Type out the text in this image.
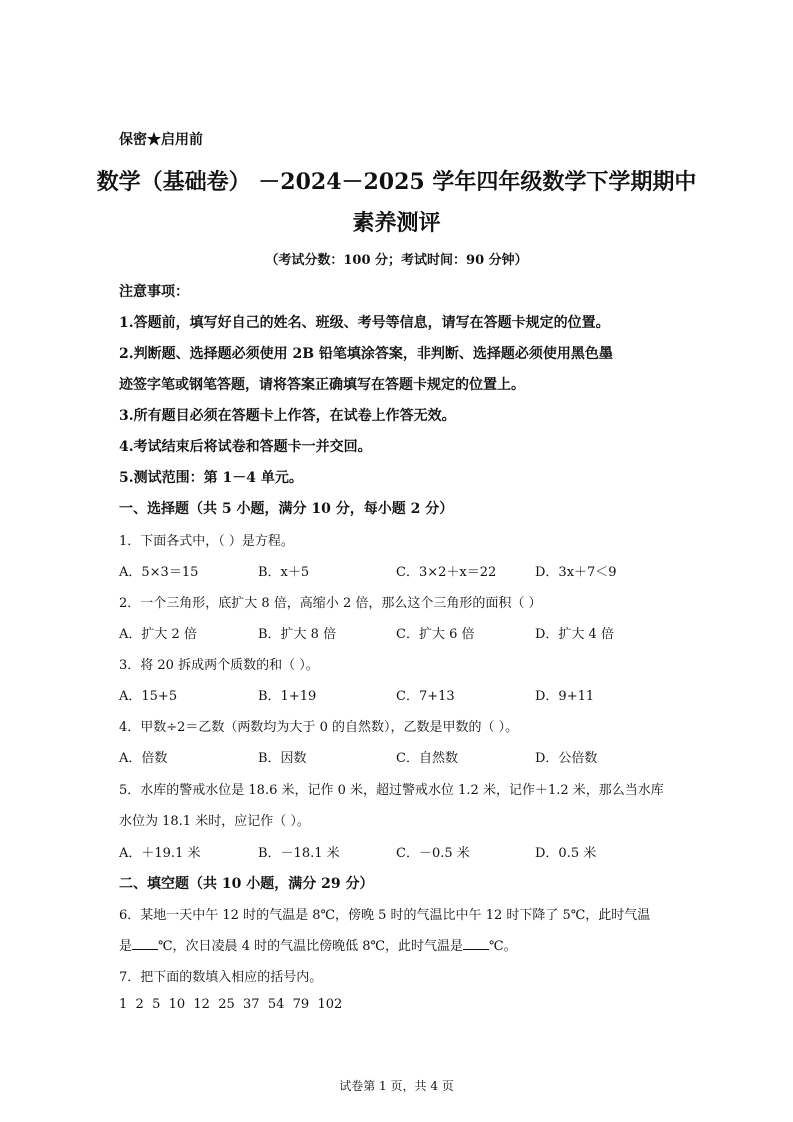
保密★启用前
数学（基础卷） －2024－2025 学年四年级数学下学期期中
素养测评
（考试分数：100 分；考试时间：90 分钟）
注意事项：
1.答题前，填写好自己的姓名、班级、考号等信息，请写在答题卡规定的位置。
2.判断题、选择题必须使用 2B 铅笔填涂答案，非判断、选择题必须使用黑色墨
迹签字笔或钢笔答题，请将答案正确填写在答题卡规定的位置上。
3.所有题目必须在答题卡上作答，在试卷上作答无效。
4.考试结束后将试卷和答题卡一并交回。
5.测试范围：第 1－4 单元。
一、选择题（共 5 小题，满分 10 分，每小题 2 分）
1．下面各式中，（ ）是方程。
A．5×3＝15	B．x＋5	C．3×2＋x＝22	D．3x＋7＜9
2．一个三角形，底扩大 8 倍，高缩小 2 倍，那么这个三角形的面积（ ）
A．扩大 2 倍	B．扩大 8 倍	C．扩大 6 倍	D．扩大 4 倍
3．将 20 拆成两个质数的和（ ）。
A．15+5	B．1+19	C．7+13	D．9+11
4．甲数÷2＝乙数（两数均为大于 0 的自然数），乙数是甲数的（ ）。
A．倍数	B．因数	C．自然数	D．公倍数
5．水库的警戒水位是 18.6 米，记作 0 米，超过警戒水位 1.2 米，记作＋1.2 米，那么当水库
水位为 18.1 米时，应记作（ ）。
A．＋19.1 米	B．－18.1 米	C．－0.5 米	D．0.5 米
二、填空题（共 10 小题，满分 29 分）
6．某地一天中午 12 时的气温是 8℃，傍晚 5 时的气温比中午 12 时下降了 5℃，此时气温
是 ℃，次日凌晨 4 时的气温比傍晚低 8℃，此时气温是 ℃。
7．把下面的数填入相应的括号内。
1  2  5  10  12  25  37  54  79  102
试卷第 1 页，共 4 页
